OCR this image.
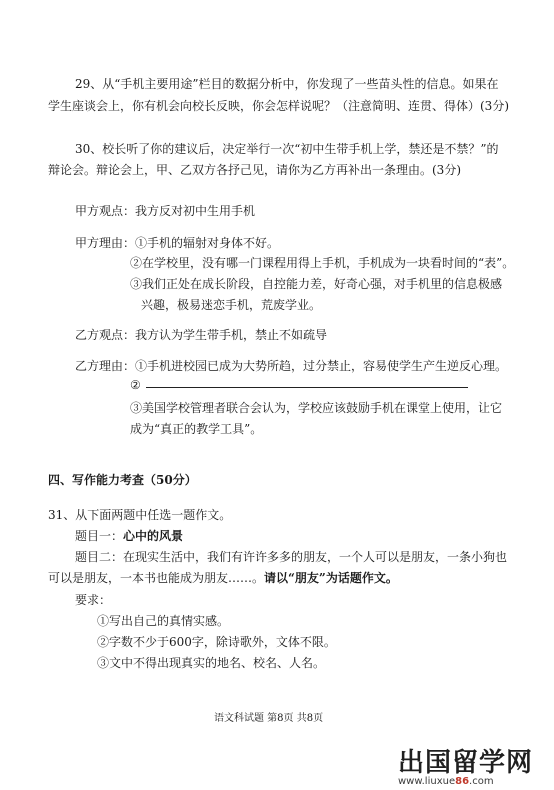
29、从“手机主要用途”栏目的数据分析中，你发现了一些苗头性的信息。如果在
学生座谈会上，你有机会向校长反映，你会怎样说呢？（注意简明、连贯、得体）(3分)
30、校长听了你的建议后，决定举行一次“初中生带手机上学，禁还是不禁？”的
辩论会。辩论会上，甲、乙双方各抒己见，请你为乙方再补出一条理由。(3分)
甲方观点：我方反对初中生用手机
甲方理由：①手机的辐射对身体不好。
②在学校里，没有哪一门课程用得上手机，手机成为一块看时间的“表”。
③我们正处在成长阶段，自控能力差，好奇心强，对手机里的信息极感
兴趣，极易迷恋手机，荒废学业。
乙方观点：我方认为学生带手机，禁止不如疏导
乙方理由：①手机进校园已成为大势所趋，过分禁止，容易使学生产生逆反心理。
②
③美国学校管理者联合会认为，学校应该鼓励手机在课堂上使用，让它
成为“真正的教学工具”。
四、写作能力考查（50分）
31、从下面两题中任选一题作文。
题目一：心中的风景
题目二：在现实生活中，我们有许许多多的朋友，一个人可以是朋友，一条小狗也
可以是朋友，一本书也能成为朋友……。请以“朋友”为话题作文。
要求：
①写出自己的真情实感。
②字数不少于600字，除诗歌外，文体不限。
③文中不得出现真实的地名、校名、人名。
语文科试题 第8页 共8页
出国留学网
www.liuxue86.com
